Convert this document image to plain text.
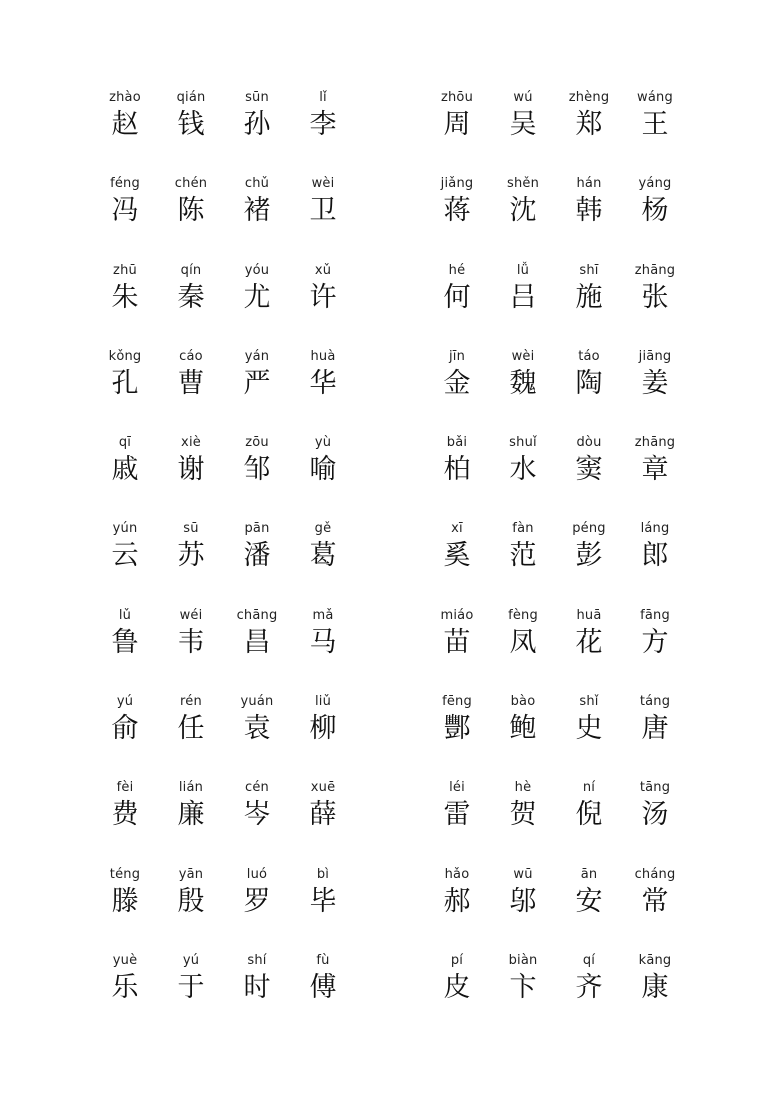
zhào
赵
qián
钱
sūn
孙
lǐ
李
zhōu
周
wú
吴
zhèng
郑
wáng
王
féng
冯
chén
陈
chǔ
褚
wèi
卫
jiǎng
蒋
shěn
沈
hán
韩
yáng
杨
zhū
朱
qín
秦
yóu
尤
xǔ
许
hé
何
lǚ
吕
shī
施
zhāng
张
kǒng
孔
cáo
曹
yán
严
huà
华
jīn
金
wèi
魏
táo
陶
jiāng
姜
qī
戚
xiè
谢
zōu
邹
yù
喻
bǎi
柏
shuǐ
水
dòu
窦
zhāng
章
yún
云
sū
苏
pān
潘
gě
葛
xī
奚
fàn
范
péng
彭
láng
郎
lǔ
鲁
wéi
韦
chāng
昌
mǎ
马
miáo
苗
fèng
凤
huā
花
fāng
方
yú
俞
rén
任
yuán
袁
liǔ
柳
fēng
酆
bào
鲍
shǐ
史
táng
唐
fèi
费
lián
廉
cén
岑
xuē
薛
léi
雷
hè
贺
ní
倪
tāng
汤
téng
滕
yān
殷
luó
罗
bì
毕
hǎo
郝
wū
邬
ān
安
cháng
常
yuè
乐
yú
于
shí
时
fù
傅
pí
皮
biàn
卞
qí
齐
kāng
康
